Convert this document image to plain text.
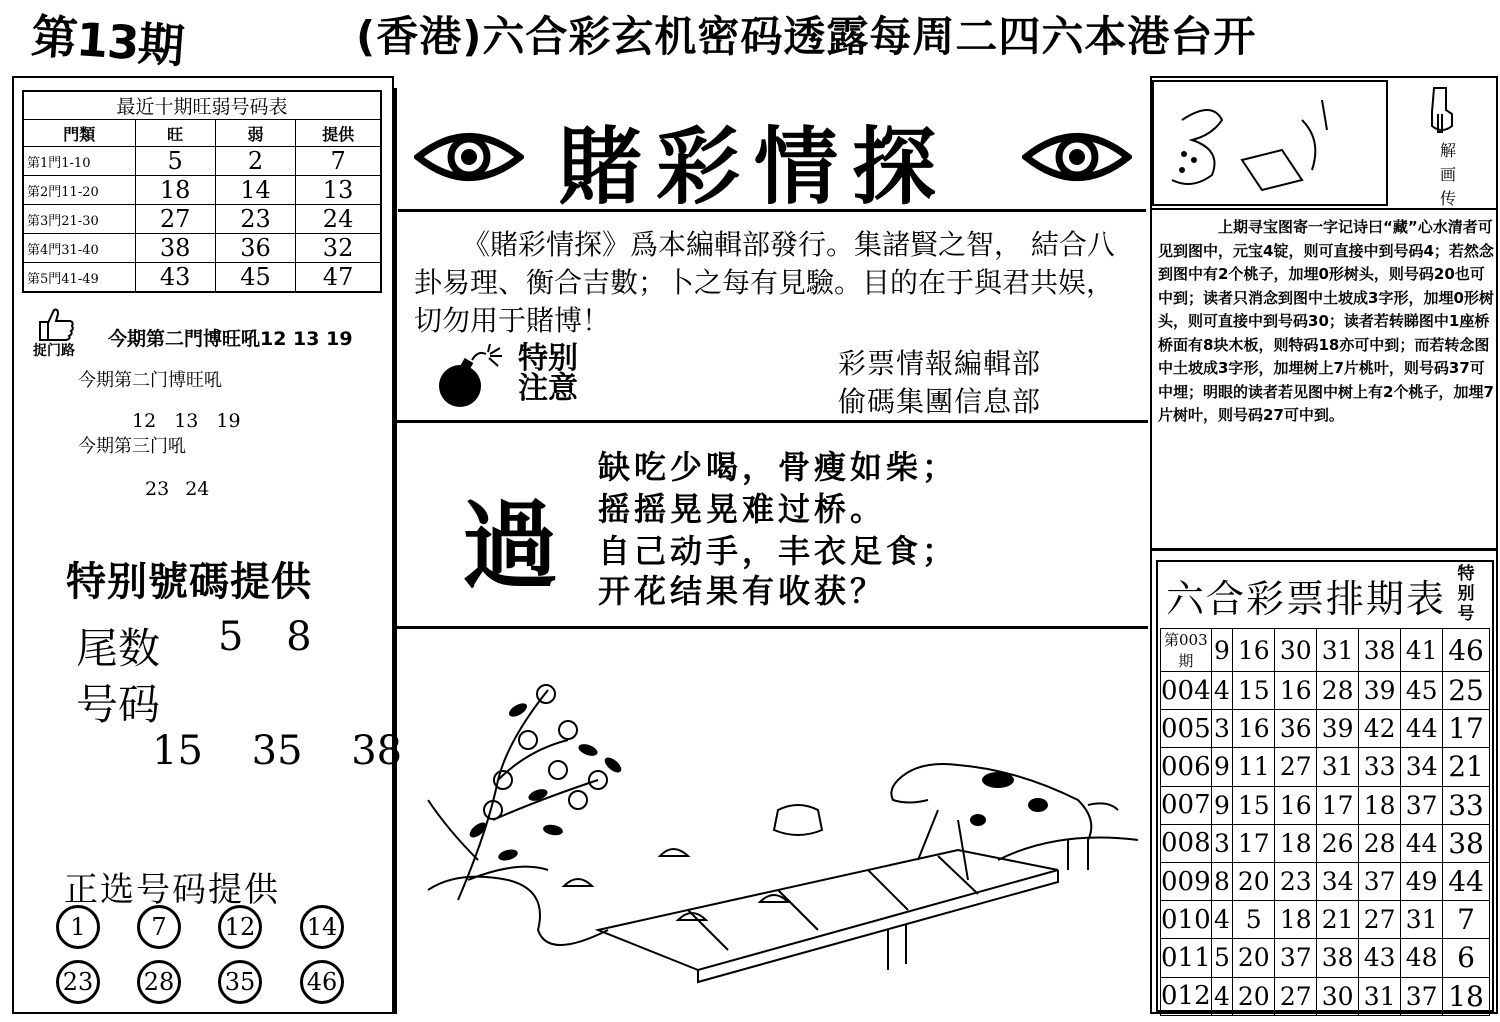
第13期	(香港)六合彩玄机密码透露每周二四六本港台开
最近十期旺弱号码表			
門類	旺	弱	提供
第1門1-10	5	2	7
第2門11-20	18	14	13
第3門21-30	27	23	24
第4門31-40	38	36	32
第5門41-49	43	45	47
捉门路
今期第二門博旺吼12 13 19
今期第二门博旺吼
12 13 19
今期第三门吼
23 24
特别號碼提供
尾数 5 8
号码
15 35 38
正选号码提供
1	7	12 14
23 28 35 46
賭彩情探

《賭彩情探》爲本編輯部發行。集諸賢之智， 結合八卦易理、衡合吉數；卜之每有見驗。目的在于與君共娱，切勿用于賭博！

特别
注意
彩票情報編輯部
偷碼集團信息部
過
缺吃少喝，骨瘦如柴；
摇摇晃晃难过桥。
自己动手，丰衣足食；
开花结果有收获？
解
画
传

上期寻宝图寄一字记诗曰“藏”心水清者可见到图中，元宝4锭，则可直接中到号码4；若然念到图中有2个桃子，加埋0形树头，则号码20也可中到；读者只消念到图中土坡成3字形，加埋0形树头，则可直接中到号码30；读者若转睇图中1座桥桥面有8块木板，则特码18亦可中到；而若转念图中土坡成3字形，加埋树上7片桃叶，则号码37可中埋；明眼的读者若见图中树上有2个桃子，加埋7片树叶，则号码27可中到。

六合彩票排期表
特别号
第003期	9	16	30	31	38	41	46
004	4	15	16	28	39	45	25
005	3	16	36	39	42	44	17
006	9	11	27	31	33	34	21
007	9	15	16	17	18	37	33
008	3	17	18	26	28	44	38
009	8	20	23	34	37	49	44
010	4	5	18	21	27	31	7
011	5	20	37	38	43	48	6
012	4	20	27	30	31	37	18
